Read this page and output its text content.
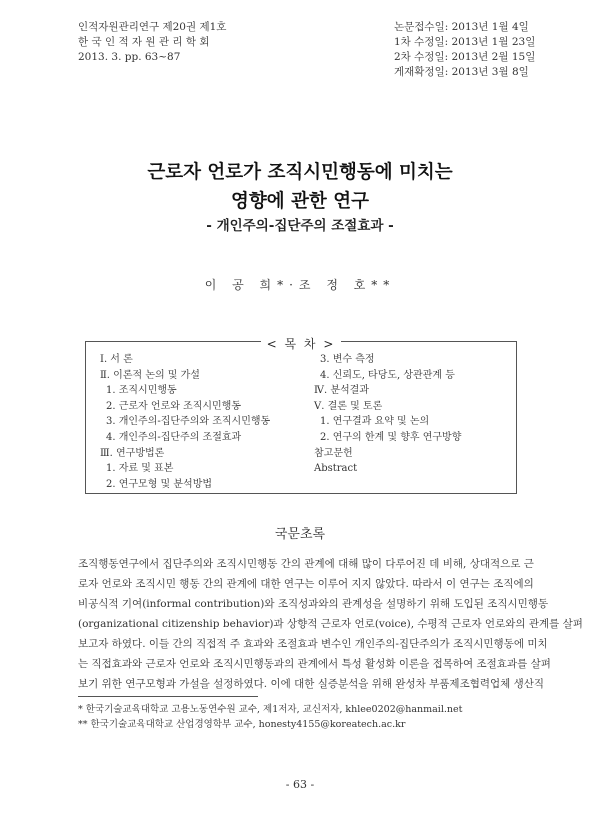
인적자원관리연구 제20권 제1호
한 국 인 적 자 원 관 리 학 회
2013. 3. pp. 63~87
논문접수일: 2013년 1월 4일
1차 수정일: 2013년 1월 23일
2차 수정일: 2013년 2월 15일
게재확정일: 2013년 3월 8일
근로자 언로가 조직시민행동에 미치는
영향에 관한 연구
- 개인주의-집단주의 조절효과 -
이 공 희*·조 정 호**
< 목 차 >
Ⅰ. 서 론
Ⅱ. 이론적 논의 및 가설
1. 조직시민행동
2. 근로자 언로와 조직시민행동
3. 개인주의-집단주의와 조직시민행동
4. 개인주의-집단주의 조절효과
Ⅲ. 연구방법론
1. 자료 및 표본
2. 연구모형 및 분석방법
3. 변수 측정
4. 신뢰도, 타당도, 상관관계 등
Ⅳ. 분석결과
Ⅴ. 결론 및 토론
1. 연구결과 요약 및 논의
2. 연구의 한계 및 향후 연구방향
참고문헌
Abstract
국문초록
조직행동연구에서 집단주의와 조직시민행동 간의 관계에 대해 많이 다루어진 데 비해, 상대적으로 근
로자 언로와 조직시민 행동 간의 관계에 대한 연구는 이루어 지지 않았다. 따라서 이 연구는 조직에의
비공식적 기여(informal contribution)와 조직성과와의 관계성을 설명하기 위해 도입된 조직시민행동
(organizational citizenship behavior)과 상향적 근로자 언로(voice), 수평적 근로자 언로와의 관계를 살펴
보고자 하였다. 이들 간의 직접적 주 효과와 조절효과 변수인 개인주의-집단주의가 조직시민행동에 미치
는 직접효과와 근로자 언로와 조직시민행동과의 관계에서 특성 활성화 이론을 접목하여 조절효과를 살펴
보기 위한 연구모형과 가설을 설정하였다. 이에 대한 실증분석을 위해 완성차 부품제조협력업체 생산직
* 한국기술교육대학교 고용노동연수원 교수, 제1저자, 교신저자, khlee0202@hanmail.net
** 한국기술교육대학교 산업경영학부 교수, honesty4155@koreatech.ac.kr
- 63 -
